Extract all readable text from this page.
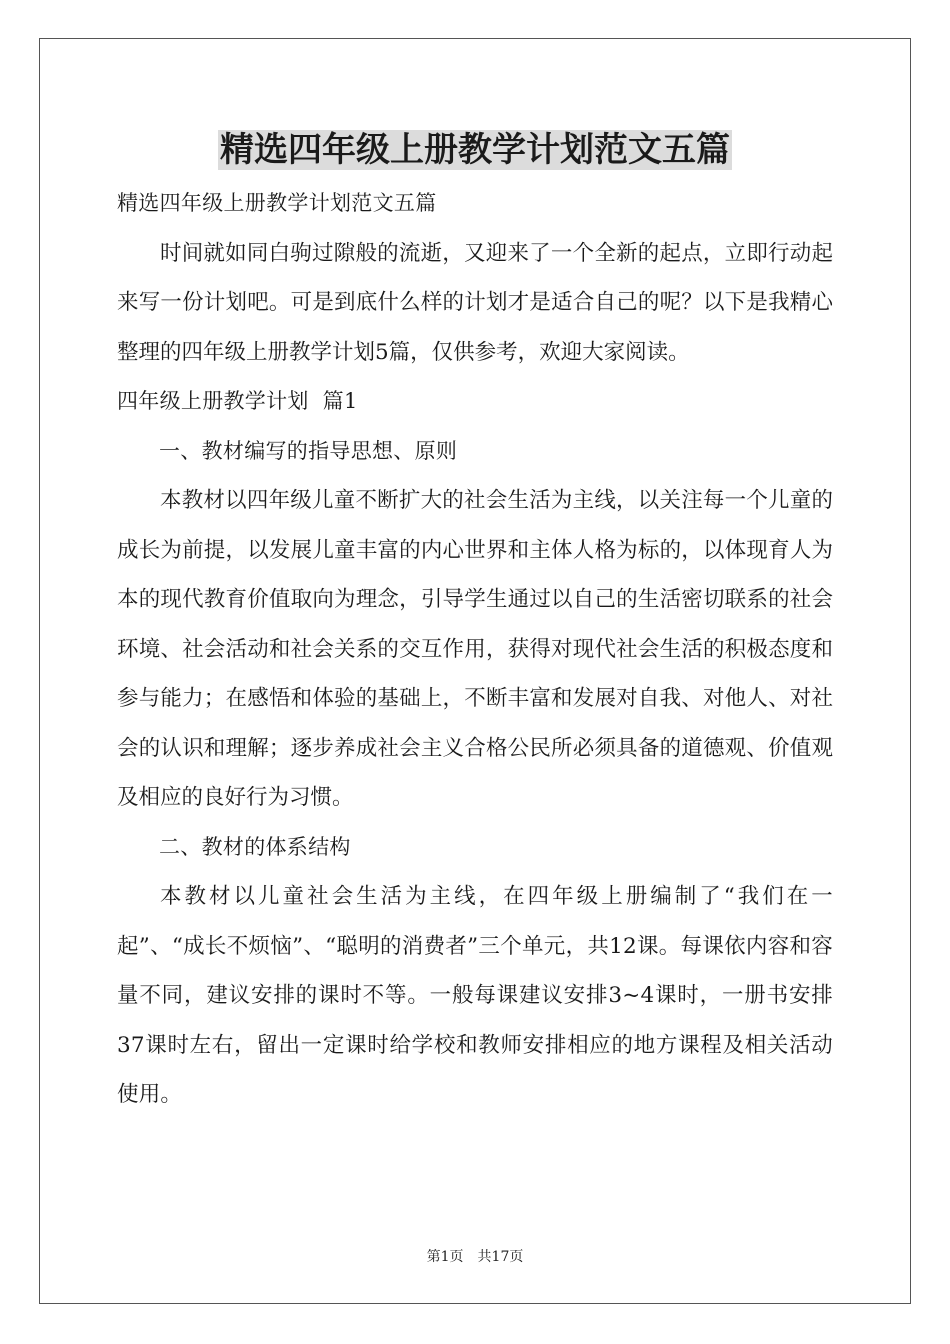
精选四年级上册教学计划范文五篇
精选四年级上册教学计划范文五篇

时间就如同白驹过隙般的流逝，又迎来了一个全新的起点，立即行动起来写一份计划吧。可是到底什么样的计划才是适合自己的呢？以下是我精心整理的四年级上册教学计划5篇，仅供参考，欢迎大家阅读。

四年级上册教学计划  篇1
一、教材编写的指导思想、原则

本教材以四年级儿童不断扩大的社会生活为主线，以关注每一个儿童的成长为前提，以发展儿童丰富的内心世界和主体人格为标的，以体现育人为本的现代教育价值取向为理念，引导学生通过以自己的生活密切联系的社会环境、社会活动和社会关系的交互作用，获得对现代社会生活的积极态度和参与能力；在感悟和体验的基础上，不断丰富和发展对自我、对他人、对社会的认识和理解；逐步养成社会主义合格公民所必须具备的道德观、价值观及相应的良好行为习惯。

二、教材的体系结构

本教材以儿童社会生活为主线，在四年级上册编制了“我们在一起”、“成长不烦恼”、“聪明的消费者”三个单元，共12课。每课依内容和容量不同，建议安排的课时不等。一般每课建议安排3~4课时，一册书安排37课时左右，留出一定课时给学校和教师安排相应的地方课程及相关活动使用。

第1页 共17页
